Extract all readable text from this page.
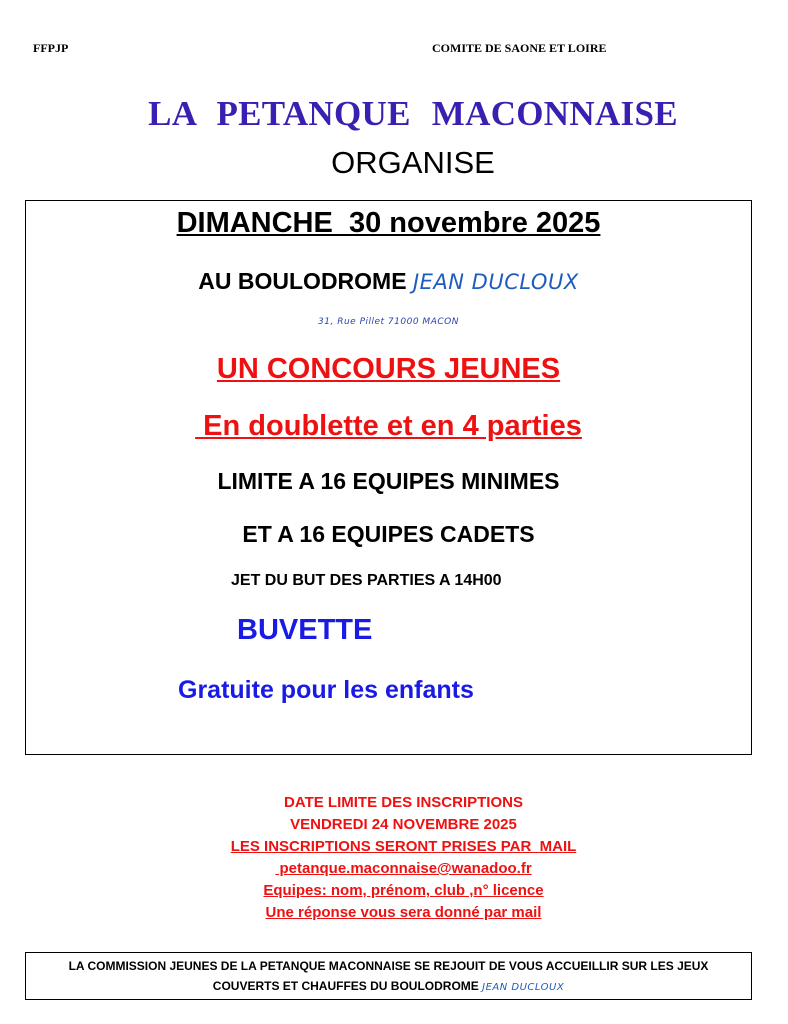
FFPJP	COMITE DE SAONE ET LOIRE
LA PETANQUE MACONNAISE
ORGANISE
DIMANCHE  30 novembre 2025
AU BOULODROME JEAN DUCLOUX
31, Rue Pillet 71000 MACON
UN CONCOURS JEUNES
En doublette et en 4 parties
LIMITE A 16 EQUIPES MINIMES
ET A 16 EQUIPES CADETS
JET DU BUT DES PARTIES A 14H00
BUVETTE
Gratuite pour les enfants
DATE LIMITE DES INSCRIPTIONS
VENDREDI 24 NOVEMBRE 2025
LES INSCRIPTIONS SERONT PRISES PAR  MAIL
petanque.maconnaise@wanadoo.fr
Equipes: nom, prénom, club ,n° licence
Une réponse vous sera donné par mail
LA COMMISSION JEUNES DE LA PETANQUE MACONNAISE SE REJOUIT DE VOUS ACCUEILLIR SUR LES JEUX
COUVERTS ET CHAUFFES DU BOULODROME JEAN DUCLOUX
